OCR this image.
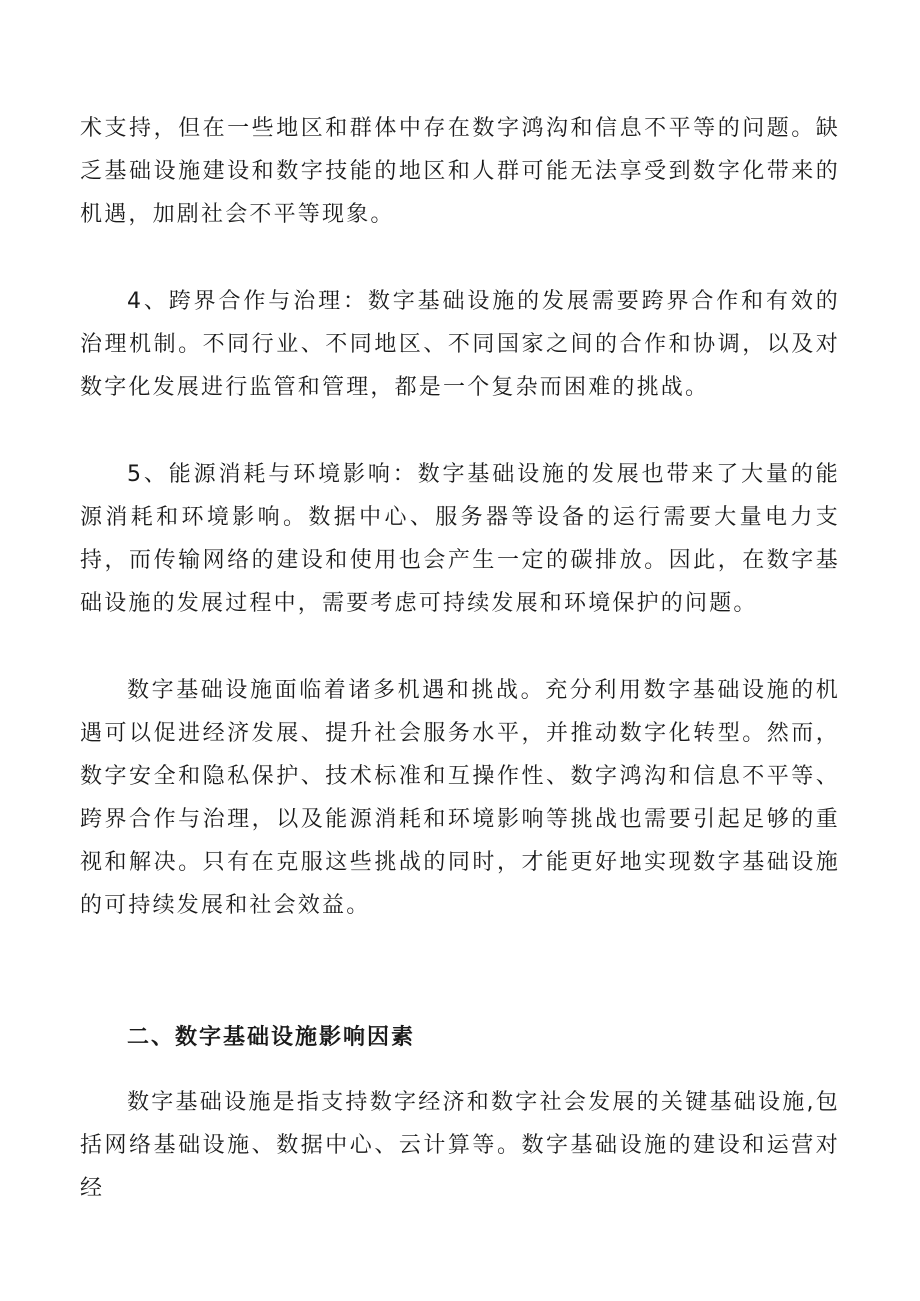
术支持，但在一些地区和群体中存在数字鸿沟和信息不平等的问题。缺乏基础设施建设和数字技能的地区和人群可能无法享受到数字化带来的机遇，加剧社会不平等现象。

4、跨界合作与治理：数字基础设施的发展需要跨界合作和有效的治理机制。不同行业、不同地区、不同国家之间的合作和协调，以及对数字化发展进行监管和管理，都是一个复杂而困难的挑战。

5、能源消耗与环境影响：数字基础设施的发展也带来了大量的能源消耗和环境影响。数据中心、服务器等设备的运行需要大量电力支持，而传输网络的建设和使用也会产生一定的碳排放。因此，在数字基础设施的发展过程中，需要考虑可持续发展和环境保护的问题。

数字基础设施面临着诸多机遇和挑战。充分利用数字基础设施的机遇可以促进经济发展、提升社会服务水平，并推动数字化转型。然而，数字安全和隐私保护、技术标准和互操作性、数字鸿沟和信息不平等、跨界合作与治理，以及能源消耗和环境影响等挑战也需要引起足够的重视和解决。只有在克服这些挑战的同时，才能更好地实现数字基础设施的可持续发展和社会效益。

二、数字基础设施影响因素

数字基础设施是指支持数字经济和数字社会发展的关键基础设施,包括网络基础设施、数据中心、云计算等。数字基础设施的建设和运营对经
